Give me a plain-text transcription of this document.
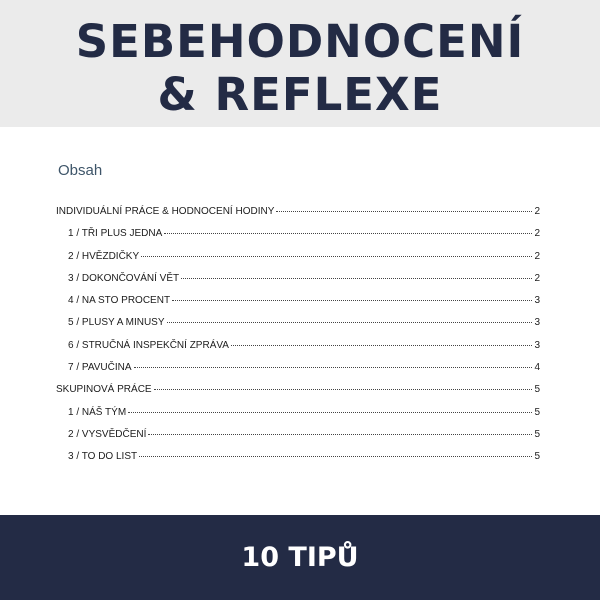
SEBEHODNOCENÍ
& REFLEXE
Obsah
INDIVIDUÁLNÍ PRÁCE & HODNOCENÍ HODINY	2
1 / TŘI PLUS JEDNA	2
2 / HVĚZDIČKY	2
3 / DOKONČOVÁNÍ VĚT	2
4 / NA STO PROCENT	3
5 / PLUSY A MINUSY	3
6 / STRUČNÁ INSPEKČNÍ ZPRÁVA	3
7 / PAVUČINA	4
SKUPINOVÁ PRÁCE	5
1 / NÁŠ TÝM	5
2 / VYSVĚDČENÍ	5
3 / TO DO LIST	5
10 TIPŮ
